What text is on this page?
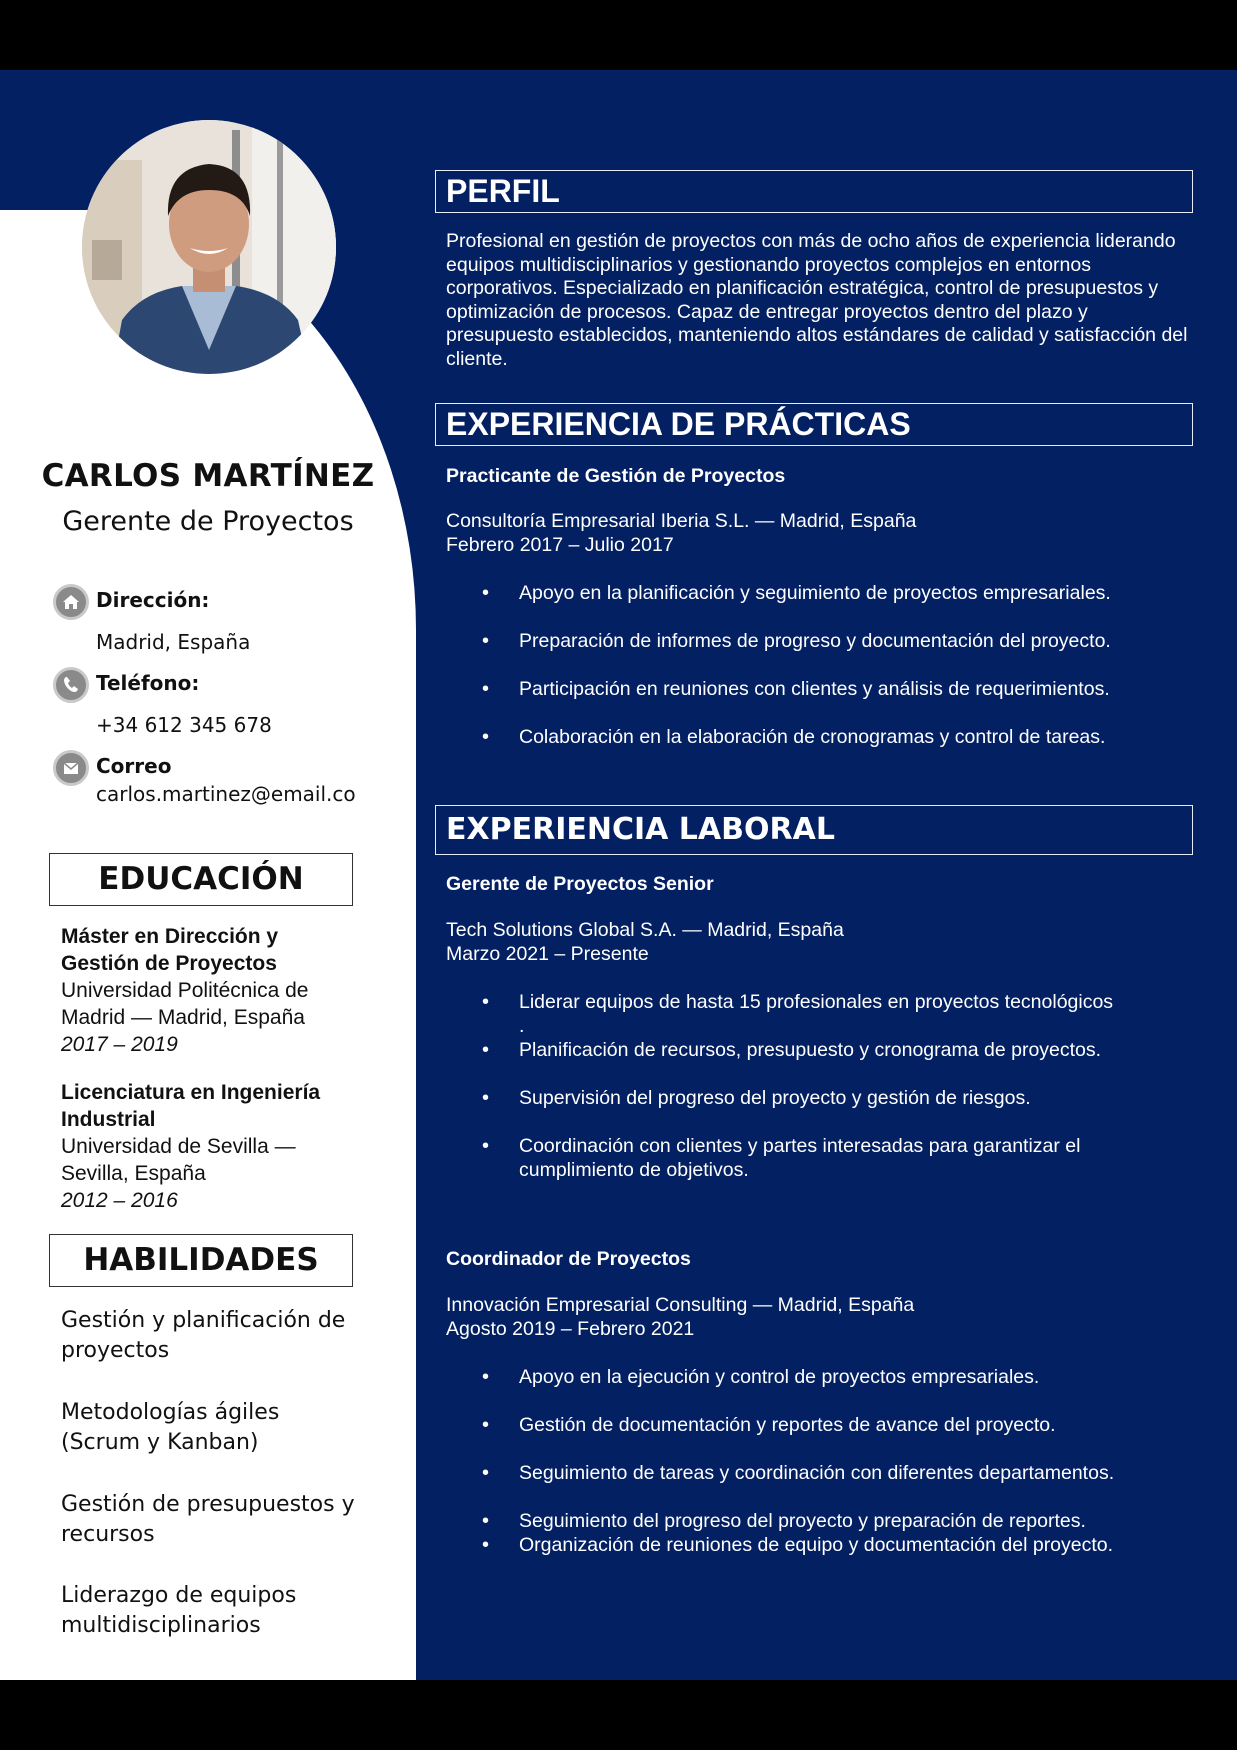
CARLOS MARTÍNEZ
Gerente de Proyectos
Dirección:
Madrid, España
Teléfono:
+34 612 345 678
Correo
carlos.martinez@email.co
EDUCACIÓN
Máster en Dirección y Gestión de Proyectos
Universidad Politécnica de Madrid — Madrid, España
2017 – 2019
Licenciatura en Ingeniería Industrial
Universidad de Sevilla — Sevilla, España
2012 – 2016
HABILIDADES
Gestión y planificación de proyectos
Metodologías ágiles (Scrum y Kanban)
Gestión de presupuestos y recursos
Liderazgo de equipos multidisciplinarios
PERFIL
Profesional en gestión de proyectos con más de ocho años de experiencia liderando equipos multidisciplinarios y gestionando proyectos complejos en entornos corporativos. Especializado en planificación estratégica, control de presupuestos y optimización de procesos. Capaz de entregar proyectos dentro del plazo y presupuesto establecidos, manteniendo altos estándares de calidad y satisfacción del cliente.
EXPERIENCIA DE PRÁCTICAS
Practicante de Gestión de Proyectos
Consultoría Empresarial Iberia S.L. — Madrid, España
Febrero 2017 – Julio 2017
• Apoyo en la planificación y seguimiento de proyectos empresariales.
• Preparación de informes de progreso y documentación del proyecto.
• Participación en reuniones con clientes y análisis de requerimientos.
• Colaboración en la elaboración de cronogramas y control de tareas.
EXPERIENCIA LABORAL
Gerente de Proyectos Senior
Tech Solutions Global S.A. — Madrid, España
Marzo 2021 – Presente
• Liderar equipos de hasta 15 profesionales en proyectos tecnológicos .
• Planificación de recursos, presupuesto y cronograma de proyectos.
• Supervisión del progreso del proyecto y gestión de riesgos.
• Coordinación con clientes y partes interesadas para garantizar el cumplimiento de objetivos.
Coordinador de Proyectos
Innovación Empresarial Consulting — Madrid, España
Agosto 2019 – Febrero 2021
• Apoyo en la ejecución y control de proyectos empresariales.
• Gestión de documentación y reportes de avance del proyecto.
• Seguimiento de tareas y coordinación con diferentes departamentos.
• Seguimiento del progreso del proyecto y preparación de reportes.
• Organización de reuniones de equipo y documentación del proyecto.
